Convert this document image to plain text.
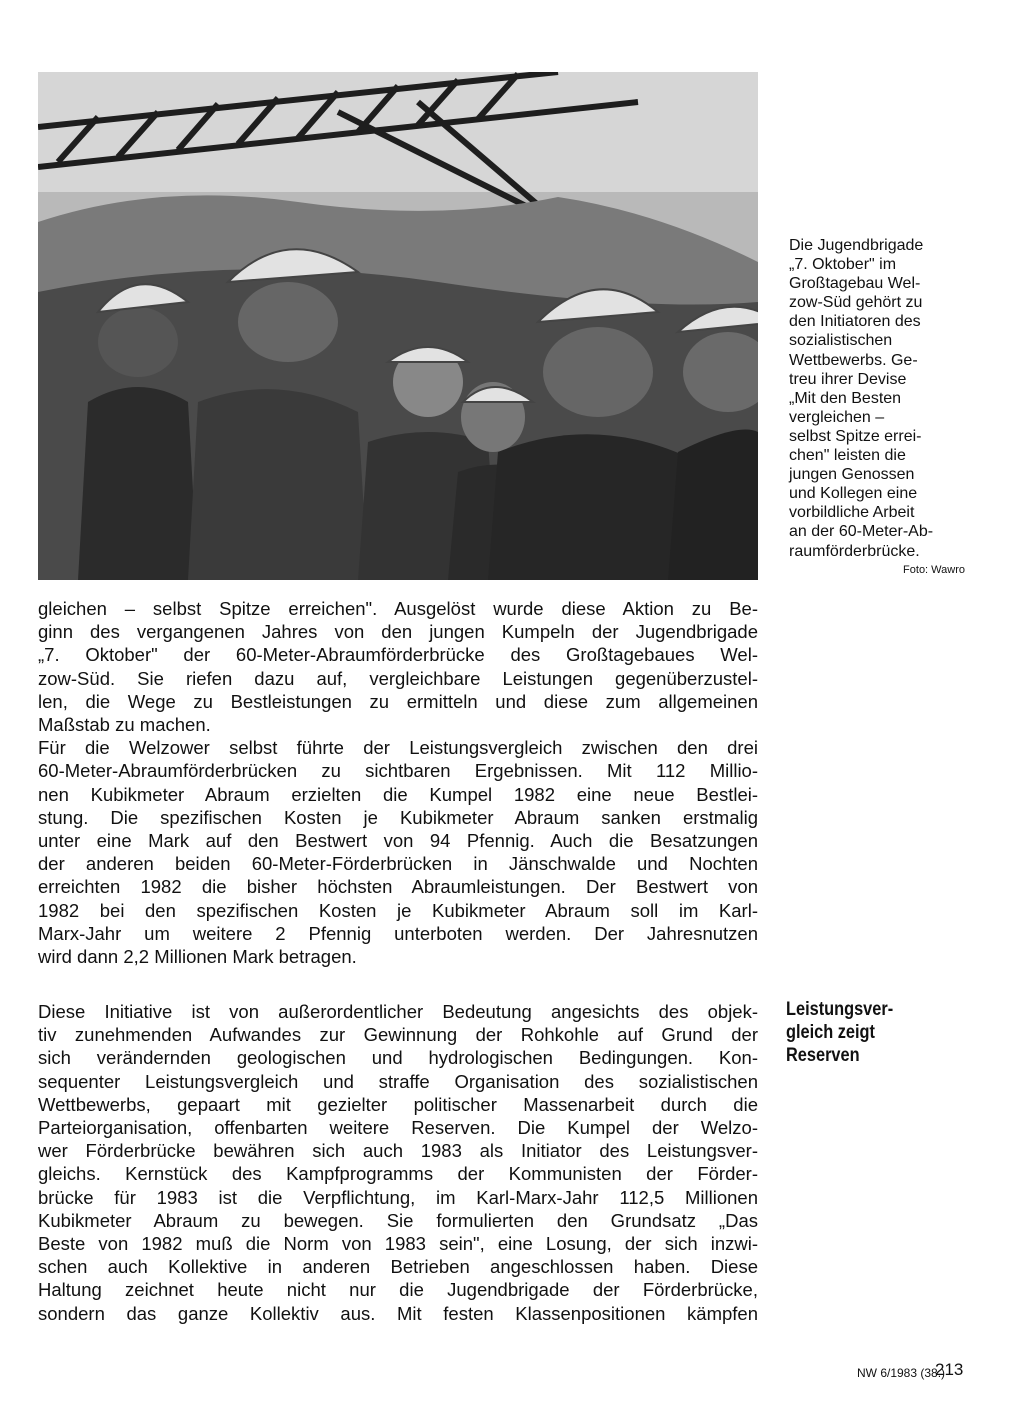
Die Jugendbrigade
„7. Oktober" im
Großtagebau Wel-
zow-Süd gehört zu
den Initiatoren des
sozialistischen
Wettbewerbs. Ge-
treu ihrer Devise
„Mit den Besten
vergleichen –
selbst Spitze errei-
chen" leisten die
jungen Genossen
und Kollegen eine
vorbildliche Arbeit
an der 60-Meter-Ab-
raumförderbrücke.

Foto: Wawro

gleichen – selbst Spitze erreichen". Ausgelöst wurde diese Aktion zu Be-
ginn des vergangenen Jahres von den jungen Kumpeln der Jugendbrigade
„7. Oktober" der 60-Meter-Abraumförderbrücke des Großtagebaues Wel-
zow-Süd. Sie riefen dazu auf, vergleichbare Leistungen gegenüberzustel-
len, die Wege zu Bestleistungen zu ermitteln und diese zum allgemeinen
Maßstab zu machen.
Für die Welzower selbst führte der Leistungsvergleich zwischen den drei
60-Meter-Abraumförderbrücken zu sichtbaren Ergebnissen. Mit 112 Millio-
nen Kubikmeter Abraum erzielten die Kumpel 1982 eine neue Bestlei-
stung. Die spezifischen Kosten je Kubikmeter Abraum sanken erstmalig
unter eine Mark auf den Bestwert von 94 Pfennig. Auch die Besatzungen
der anderen beiden 60-Meter-Förderbrücken in Jänschwalde und Nochten
erreichten 1982 die bisher höchsten Abraumleistungen. Der Bestwert von
1982 bei den spezifischen Kosten je Kubikmeter Abraum soll im Karl-
Marx-Jahr um weitere 2 Pfennig unterboten werden. Der Jahresnutzen
wird dann 2,2 Millionen Mark betragen.
Leistungsver-
gleich zeigt
Reserven
Diese Initiative ist von außerordentlicher Bedeutung angesichts des objek-
tiv zunehmenden Aufwandes zur Gewinnung der Rohkohle auf Grund der
sich verändernden geologischen und hydrologischen Bedingungen. Kon-
sequenter Leistungsvergleich und straffe Organisation des sozialistischen
Wettbewerbs, gepaart mit gezielter politischer Massenarbeit durch die
Parteiorganisation, offenbarten weitere Reserven. Die Kumpel der Welzo-
wer Förderbrücke bewähren sich auch 1983 als Initiator des Leistungsver-
gleichs. Kernstück des Kampfprogramms der Kommunisten der Förder-
brücke für 1983 ist die Verpflichtung, im Karl-Marx-Jahr 112,5 Millionen
Kubikmeter Abraum zu bewegen. Sie formulierten den Grundsatz „Das
Beste von 1982 muß die Norm von 1983 sein", eine Losung, der sich inzwi-
schen auch Kollektive in anderen Betrieben angeschlossen haben. Diese
Haltung zeichnet heute nicht nur die Jugendbrigade der Förderbrücke,
sondern das ganze Kollektiv aus. Mit festen Klassenpositionen kämpfen

NW 6/1983 (38.)

213
